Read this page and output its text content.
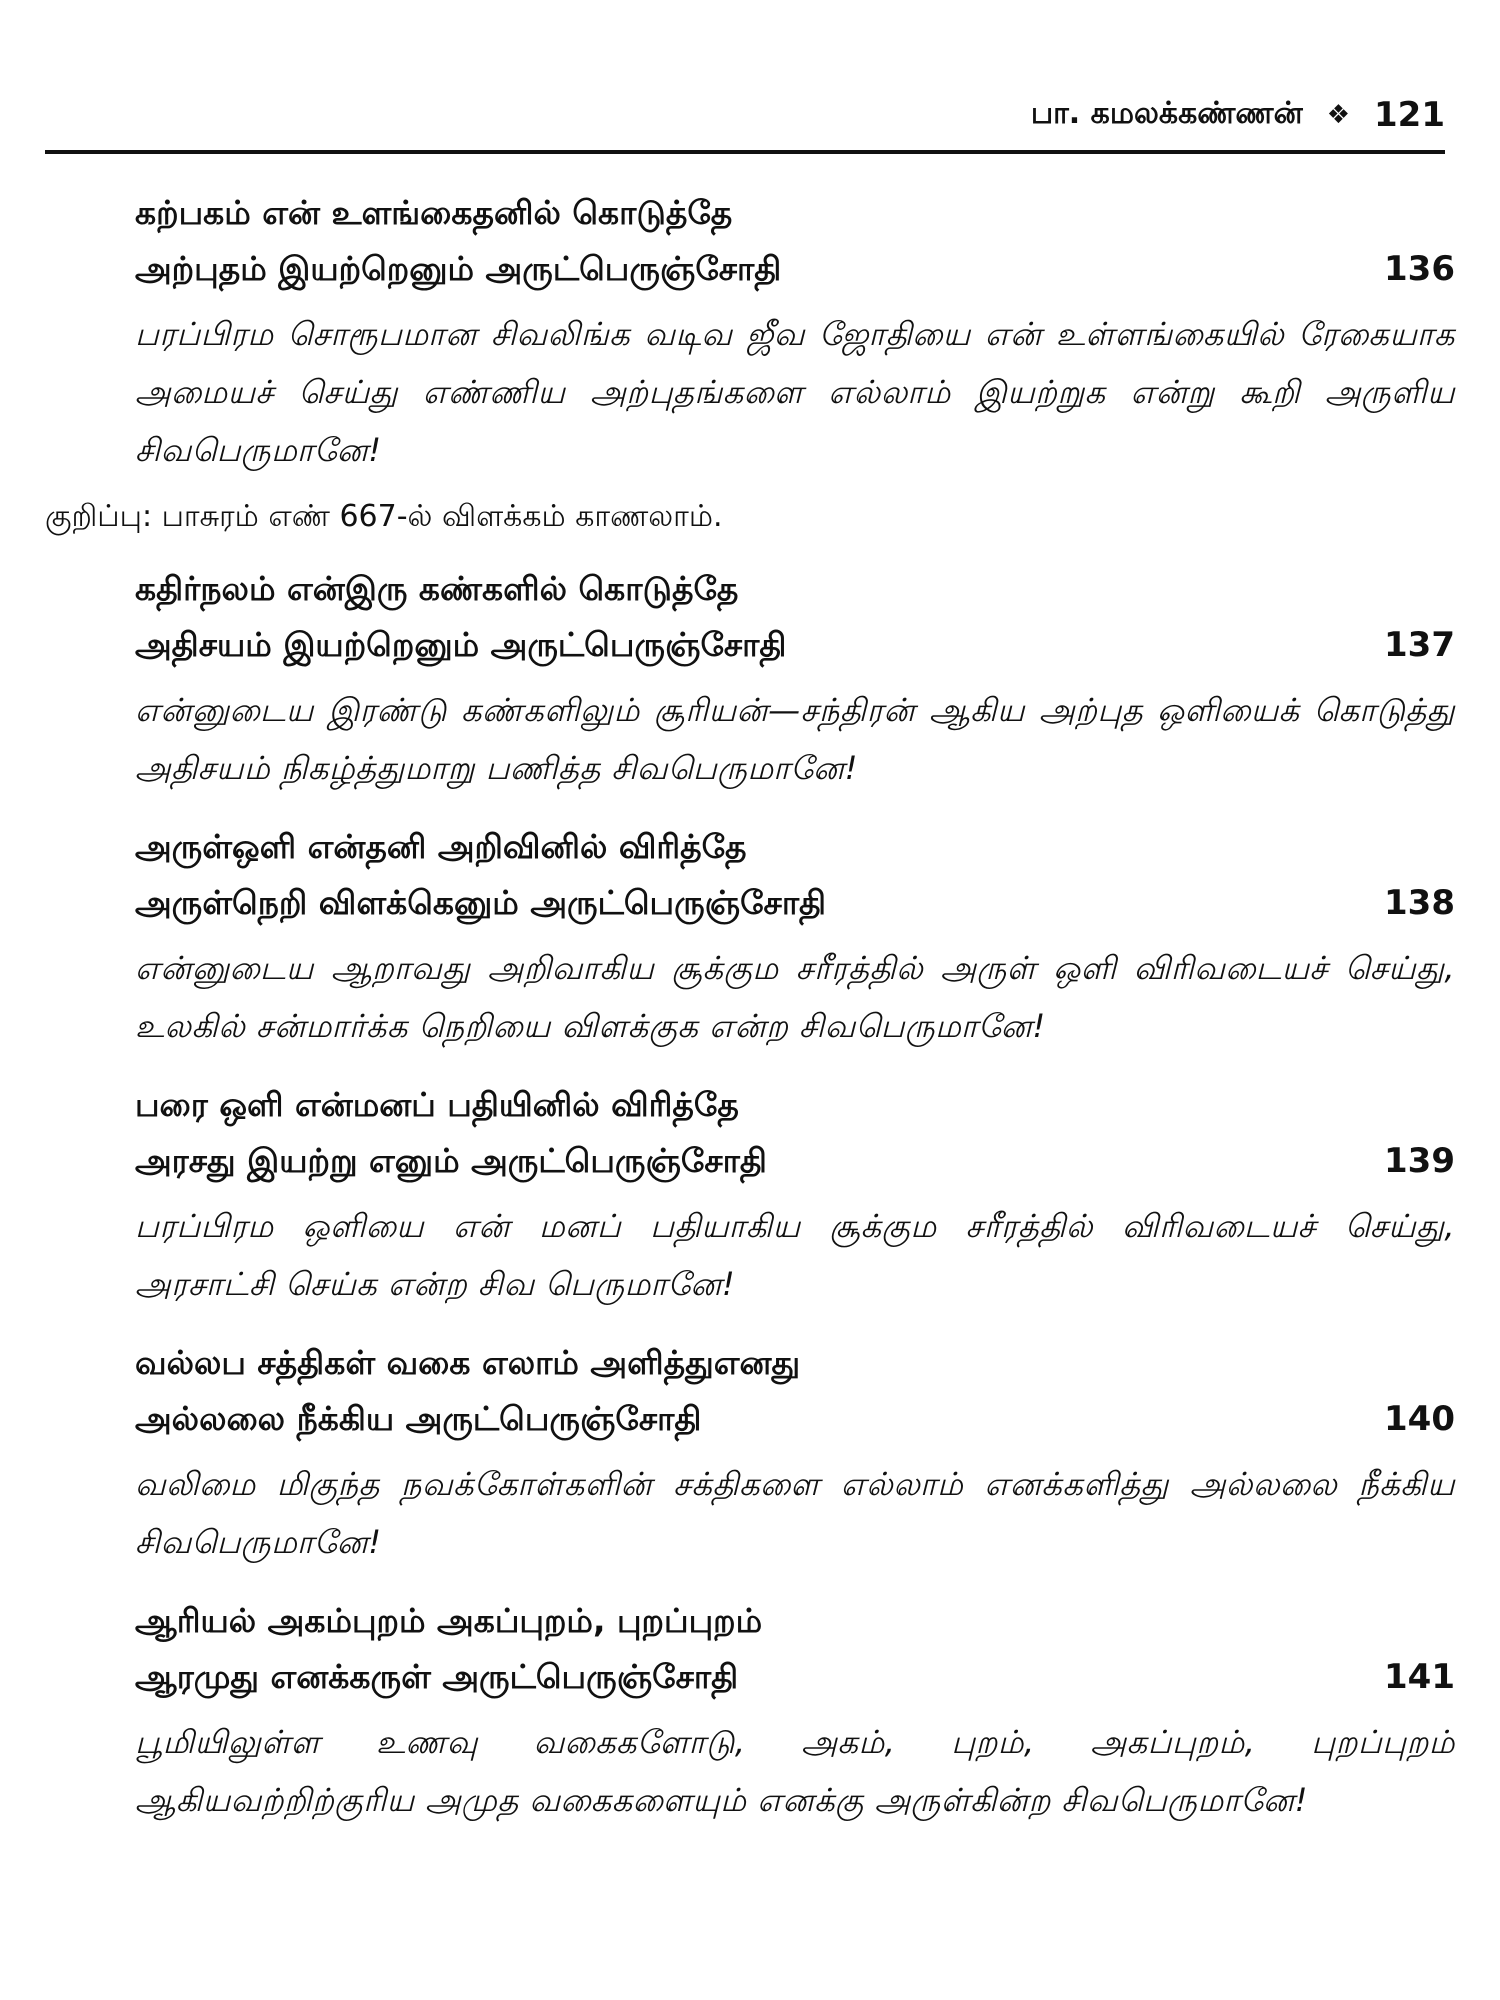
பா. கமலக்கண்ணன் ❖ 121
கற்பகம் என் உளங்கைதனில் கொடுத்தே
அற்புதம் இயற்றெனும் அருட்பெருஞ்சோதி	136
பரப்பிரம சொரூபமான சிவலிங்க வடிவ ஜீவ ஜோதியை என் உள்ளங்கையில் ரேகையாக அமையச் செய்து எண்ணிய அற்புதங்களை எல்லாம் இயற்றுக என்று கூறி அருளிய சிவபெருமானே!
குறிப்பு: பாசுரம் எண் 667-ல் விளக்கம் காணலாம்.
கதிர்நலம் என்இரு கண்களில் கொடுத்தே
அதிசயம் இயற்றெனும் அருட்பெருஞ்சோதி	137
என்னுடைய இரண்டு கண்களிலும் சூரியன்—சந்திரன் ஆகிய அற்புத ஒளியைக் கொடுத்து அதிசயம் நிகழ்த்துமாறு பணித்த சிவபெருமானே!
அருள்ஒளி என்தனி அறிவினில் விரித்தே
அருள்நெறி விளக்கெனும் அருட்பெருஞ்சோதி	138
என்னுடைய ஆறாவது அறிவாகிய சூக்கும சரீரத்தில் அருள் ஒளி விரிவடையச் செய்து, உலகில் சன்மார்க்க நெறியை விளக்குக என்ற சிவபெருமானே!
பரை ஒளி என்மனப் பதியினில் விரித்தே
அரசது இயற்று எனும் அருட்பெருஞ்சோதி	139
பரப்பிரம ஒளியை என் மனப் பதியாகிய சூக்கும சரீரத்தில் விரிவடையச் செய்து, அரசாட்சி செய்க என்ற சிவ பெருமானே!
வல்லப சத்திகள் வகை எலாம் அளித்துஎனது
அல்லலை நீக்கிய அருட்பெருஞ்சோதி	140
வலிமை மிகுந்த நவக்கோள்களின் சக்திகளை எல்லாம் எனக்களித்து அல்லலை நீக்கிய சிவபெருமானே!
ஆரியல் அகம்புறம் அகப்புறம், புறப்புறம்
ஆரமுது எனக்கருள் அருட்பெருஞ்சோதி	141
பூமியிலுள்ள உணவு வகைகளோடு, அகம், புறம், அகப்புறம், புறப்புறம் ஆகியவற்றிற்குரிய அமுத வகைகளையும் எனக்கு அருள்கின்ற சிவபெருமானே!
